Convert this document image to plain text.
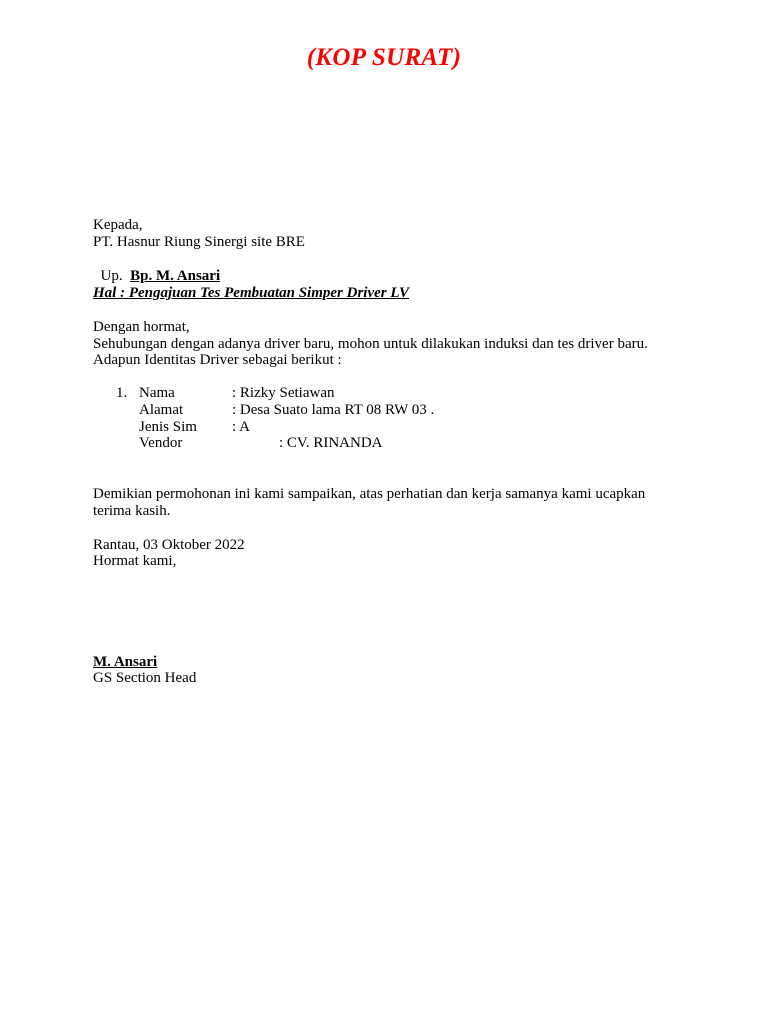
(KOP SURAT)
Kepada,
PT. Hasnur Riung Sinergi site BRE

Up. Bp. M. Ansari

Hal : Pengajuan Tes Pembuatan Simper Driver LV
Dengan hormat,
Sehubungan dengan adanya driver baru, mohon untuk dilakukan induksi dan tes driver baru.
Adapun Identitas Driver sebagai berikut :
1. Nama	: Rizky Setiawan
Alamat	: Desa Suato lama RT 08 RW 03 .
Jenis Sim : A
Vendor	: CV. RINANDA
Demikian permohonan ini kami sampaikan, atas perhatian dan kerja samanya kami ucapkan
terima kasih.
Rantau, 03 Oktober 2022
Hormat kami,
M. Ansari
GS Section Head
